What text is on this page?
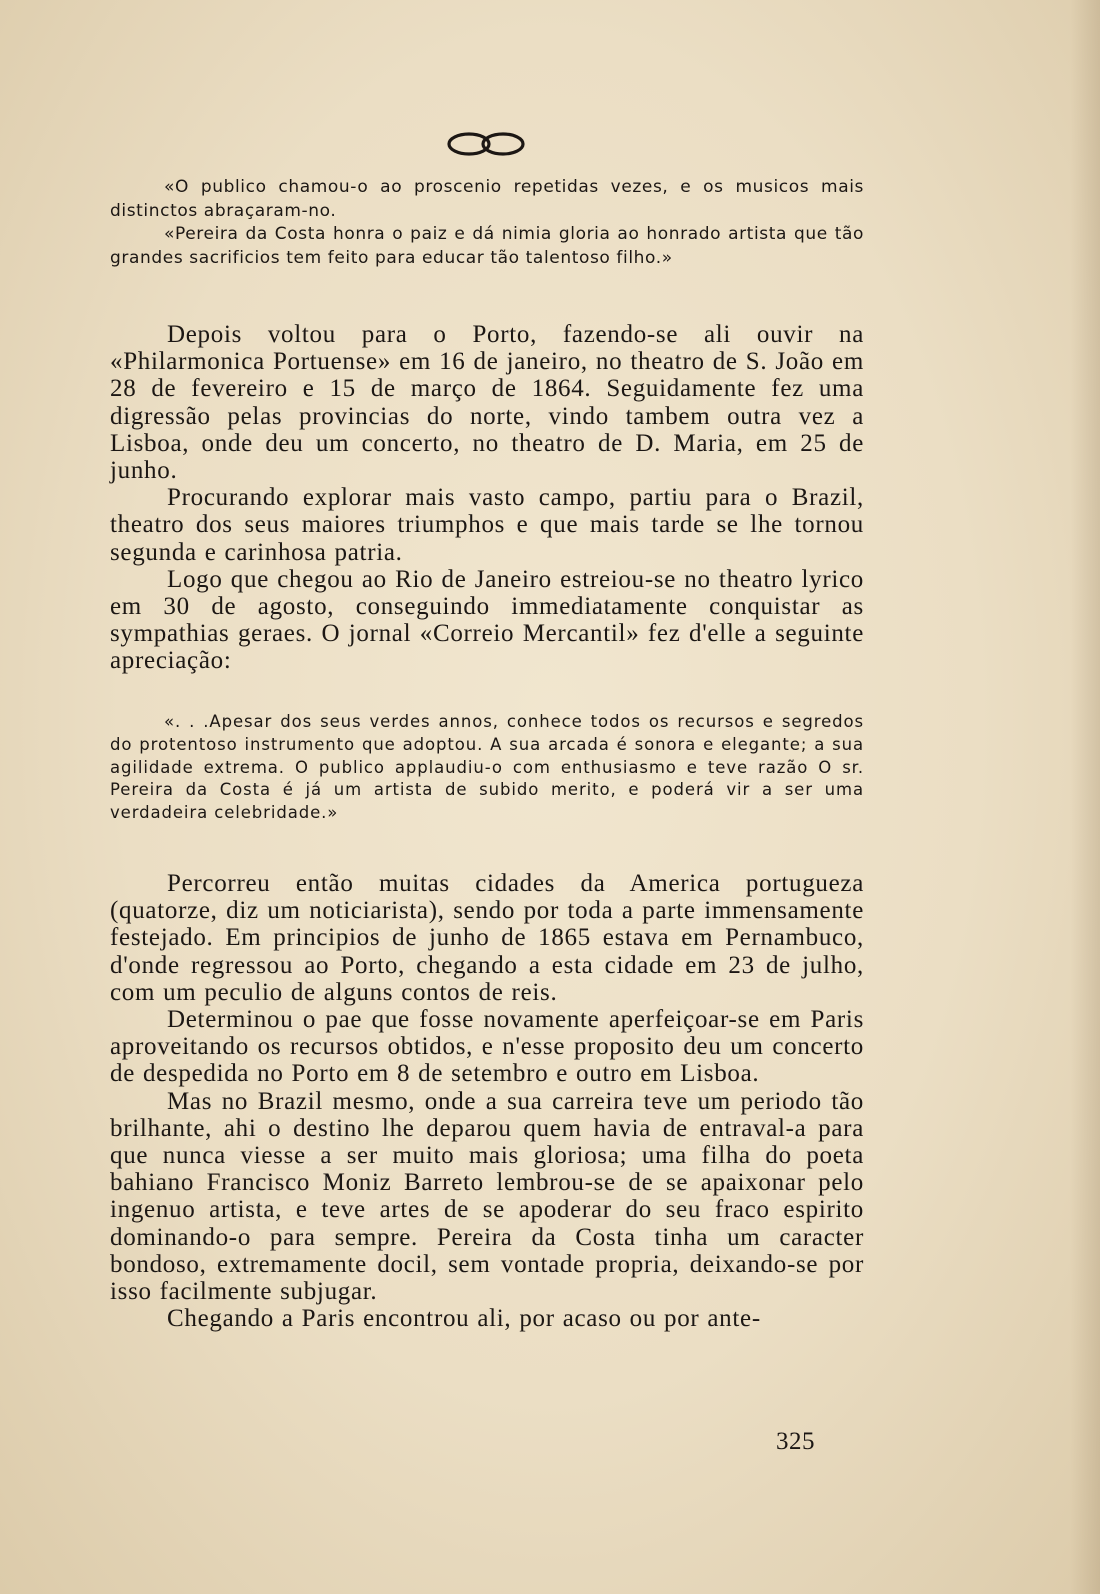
«O publico chamou-o ao proscenio repetidas vezes, e os musicos mais distinctos abraçaram-no.

«Pereira da Costa honra o paiz e dá nimia gloria ao honrado artista que tão grandes sacrificios tem feito para educar tão talentoso filho.»

Depois voltou para o Porto, fazendo-se ali ouvir na «Philarmonica Portuense» em 16 de janeiro, no theatro de S. João em 28 de fevereiro e 15 de março de 1864. Seguidamente fez uma digressão pelas provincias do norte, vindo tambem outra vez a Lisboa, onde deu um concerto, no theatro de D. Maria, em 25 de junho.

Procurando explorar mais vasto campo, partiu para o Brazil, theatro dos seus maiores triumphos e que mais tarde se lhe tornou segunda e carinhosa patria.

Logo que chegou ao Rio de Janeiro estreiou-se no theatro lyrico em 30 de agosto, conseguindo immediatamente conquistar as sympathias geraes. O jornal «Correio Mercantil» fez d'elle a seguinte apreciação:

«. . .Apesar dos seus verdes annos, conhece todos os recursos e segredos do protentoso instrumento que adoptou. A sua arcada é sonora e elegante; a sua agilidade extrema. O publico applaudiu-o com enthusiasmo e teve razão O sr. Pereira da Costa é já um artista de subido merito, e poderá vir a ser uma verdadeira celebridade.»

Percorreu então muitas cidades da America portugueza (quatorze, diz um noticiarista), sendo por toda a parte immensamente festejado. Em principios de junho de 1865 estava em Pernambuco, d'onde regressou ao Porto, chegando a esta cidade em 23 de julho, com um peculio de alguns contos de reis.

Determinou o pae que fosse novamente aperfeiçoar-se em Paris aproveitando os recursos obtidos, e n'esse proposito deu um concerto de despedida no Porto em 8 de setembro e outro em Lisboa.

Mas no Brazil mesmo, onde a sua carreira teve um periodo tão brilhante, ahi o destino lhe deparou quem havia de entraval-a para que nunca viesse a ser muito mais gloriosa; uma filha do poeta bahiano Francisco Moniz Barreto lembrou-se de se apaixonar pelo ingenuo artista, e teve artes de se apoderar do seu fraco espirito dominando-o para sempre. Pereira da Costa tinha um caracter bondoso, extremamente docil, sem vontade propria, deixando-se por isso facilmente subjugar.

Chegando a Paris encontrou ali, por acaso ou por ante-

325
